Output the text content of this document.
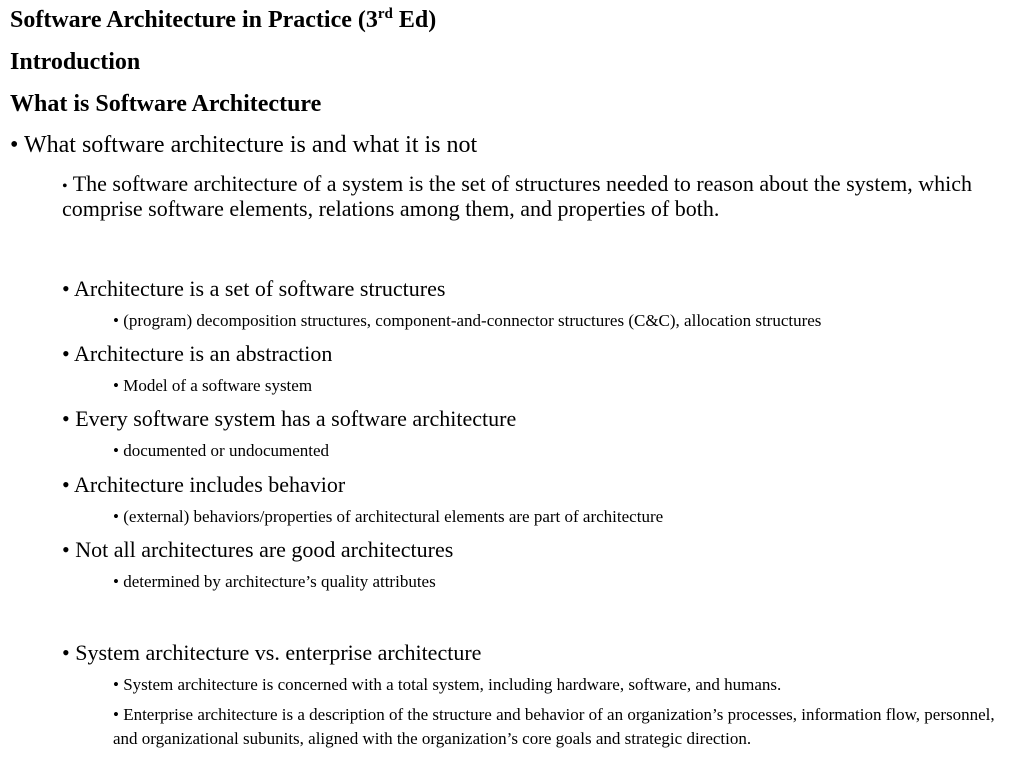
Software Architecture in Practice (3rd Ed)
Introduction
What is Software Architecture
• What software architecture is and what it is not
• The software architecture of a system is the set of structures needed to reason about the system, which comprise software elements, relations among them, and properties of both.
• Architecture is a set of software structures
• (program) decomposition structures, component-and-connector structures (C&C), allocation structures
• Architecture is an abstraction
• Model of a software system
• Every software system has a software architecture
• documented or undocumented
• Architecture includes behavior
• (external) behaviors/properties of architectural elements are part of architecture
• Not all architectures are good architectures
• determined by architecture’s quality attributes
• System architecture vs. enterprise architecture
• System architecture is concerned with a total system, including hardware, software, and humans.
• Enterprise architecture is a description of the structure and behavior of an organization’s processes, information flow, personnel, and organizational subunits, aligned with the organization’s core goals and strategic direction.
